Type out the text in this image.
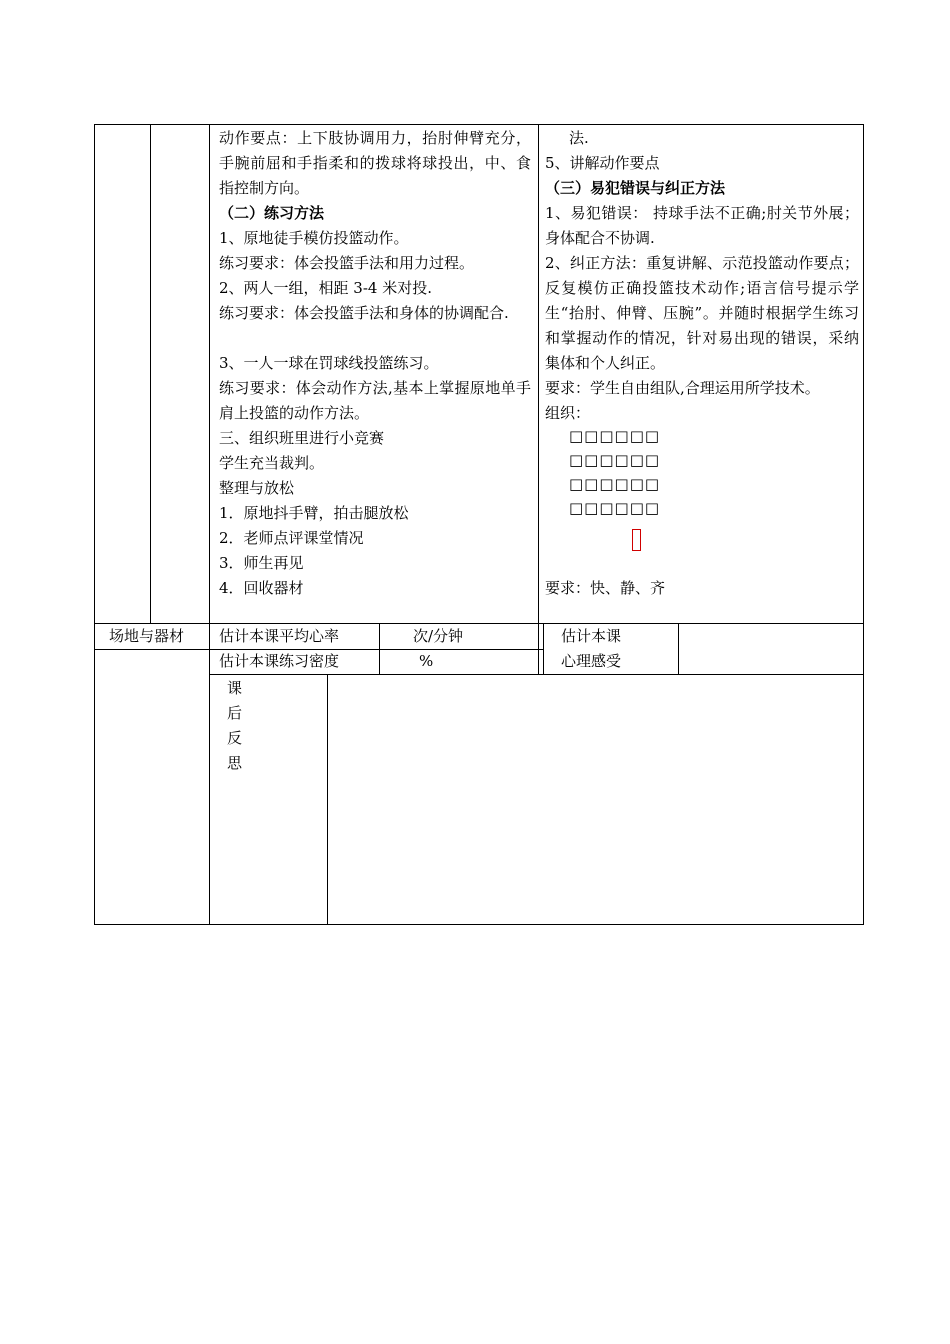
动作要点：上下肢协调用力，抬肘伸臂充分，手腕前屈和手指柔和的拨球将球投出，中、食指控制方向。
（二）练习方法
1、原地徒手模仿投篮动作。
练习要求：体会投篮手法和用力过程。
2、两人一组，相距 3-4 米对投.
练习要求：体会投篮手法和身体的协调配合.
3、一人一球在罚球线投篮练习。
练习要求：体会动作方法,基本上掌握原地单手肩上投篮的动作方法。
三、组织班里进行小竞赛
学生充当裁判。
整理与放松
1．原地抖手臂，拍击腿放松
2．老师点评课堂情况
3．师生再见
4．回收器材
法.
5、讲解动作要点
（三）易犯错误与纠正方法
1、易犯错误： 持球手法不正确;肘关节外展；身体配合不协调.
2、纠正方法：重复讲解、示范投篮动作要点；反复模仿正确投篮技术动作;语言信号提示学生“抬肘、伸臂、压腕”。并随时根据学生练习和掌握动作的情况，针对易出现的错误，采纳集体和个人纠正。
要求：学生自由组队,合理运用所学技术。
组织：
□□□□□□
□□□□□□
□□□□□□
□□□□□□
要求：快、静、齐
场地与器材 估计本课平均心率	次/分钟
估计本课练习密度	%
估计本课
心理感受
课
后
反
思
